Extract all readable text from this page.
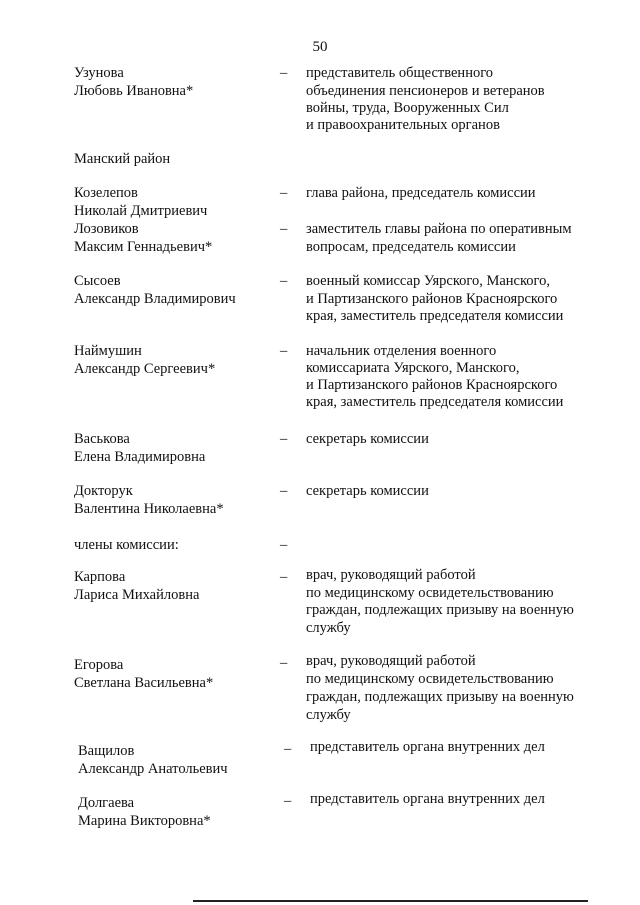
50
Узунова
Любовь Ивановна*
– представитель общественного
объединения пенсионеров и ветеранов
войны, труда, Вооруженных Сил
и правоохранительных органов
Манский район
Козелепов
Николай Дмитриевич
– глава района, председатель комиссии
Лозовиков
Максим Геннадьевич*
– заместитель главы района по оперативным
вопросам, председатель комиссии
Сысоев
Александр Владимирович
– военный комиссар Уярского, Манского,
и Партизанского районов Красноярского
края, заместитель председателя комиссии
Наймушин
Александр Сергеевич*
– начальник отделения военного
комиссариата Уярского, Манского,
и Партизанского районов Красноярского
края, заместитель председателя комиссии
Васькова
Елена Владимировна
– секретарь комиссии
Докторук
Валентина Николаевна*
– секретарь комиссии
члены комиссии:	–
Карпова
Лариса Михайловна
– врач, руководящий работой
по медицинскому освидетельствованию
граждан, подлежащих призыву на военную
службу
Егорова
Светлана Васильевна*
– врач, руководящий работой
по медицинскому освидетельствованию
граждан, подлежащих призыву на военную
службу
Ващилов
Александр Анатольевич
– представитель органа внутренних дел
Долгаева
Марина Викторовна*
– представитель органа внутренних дел
